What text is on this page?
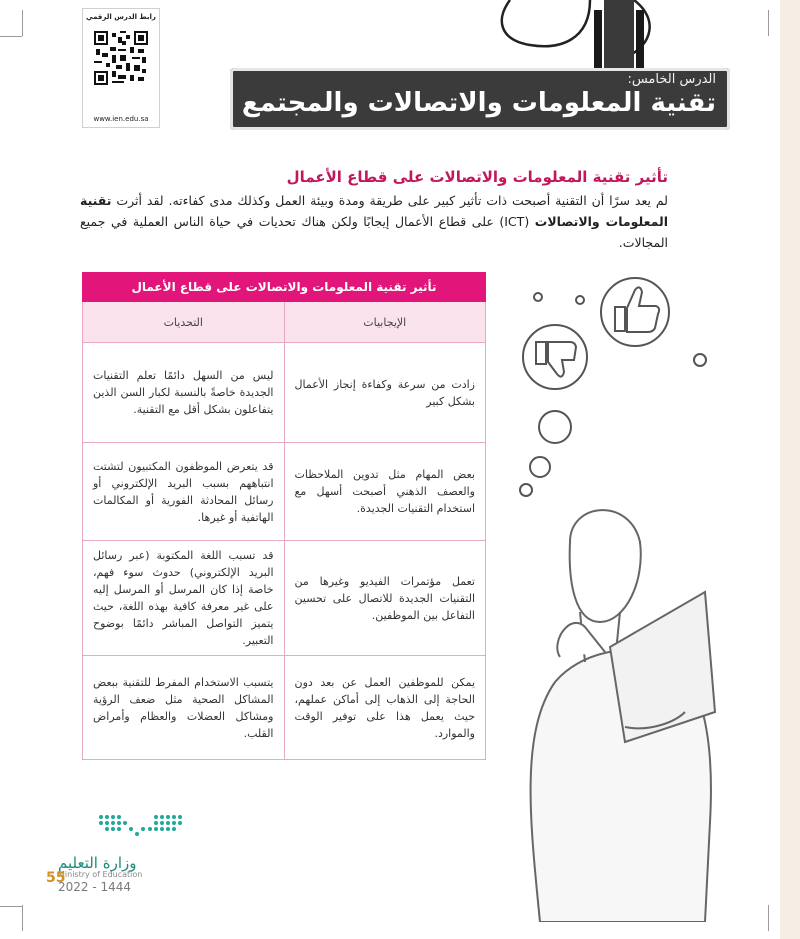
رابط الدرس الرقمي
www.ien.edu.sa
الدرس الخامس:
تقنية المعلومات والاتصالات والمجتمع
تأثير تقنية المعلومات والاتصالات على قطاع الأعمال
لم يعد سرًا أن التقنية أصبحت ذات تأثير كبير على طريقة ومدة وبيئة العمل وكذلك مدى كفاءته. لقد أثرت تقنية المعلومات والاتصالات (ICT) على قطاع الأعمال إيجابًا ولكن هناك تحديات في حياة الناس العملية في جميع المجالات.
تأثير تقنية المعلومات والاتصالات على قطاع الأعمال	
الإيجابيات	التحديات
زادت من سرعة وكفاءة إنجاز الأعمال بشكل كبير	ليس من السهل دائمًا تعلم التقنيات الجديدة خاصةً بالنسبة لكبار السن الذين يتفاعلون بشكل أقل مع التقنية.
بعض المهام مثل تدوين الملاحظات والعصف الذهني أصبحت أسهل مع استخدام التقنيات الجديدة.	قد يتعرض الموظفون المكتبيون لتشتت انتباههم بسبب البريد الإلكتروني أو رسائل المحادثة الفورية أو المكالمات الهاتفية أو غيرها.
تعمل مؤتمرات الفيديو وغيرها من التقنيات الجديدة للاتصال على تحسين التفاعل بين الموظفين.	قد تسبب اللغة المكتوبة (عبر رسائل البريد الإلكتروني) حدوث سوء فهم، خاصة إذا كان المرسل أو المرسل إليه على غير معرفة كافية بهذه اللغة، حيث يتميز التواصل المباشر دائمًا بوضوح التعبير.
يمكن للموظفين العمل عن بعد دون الحاجة إلى الذهاب إلى أماكن عملهم، حيث يعمل هذا على توفير الوقت والموارد.	يتسبب الاستخدام المفرط للتقنية ببعض المشاكل الصحية مثل ضعف الرؤية ومشاكل العضلات والعظام وأمراض القلب.
وزارة التعليم
Ministry of Education
55
2022 - 1444
